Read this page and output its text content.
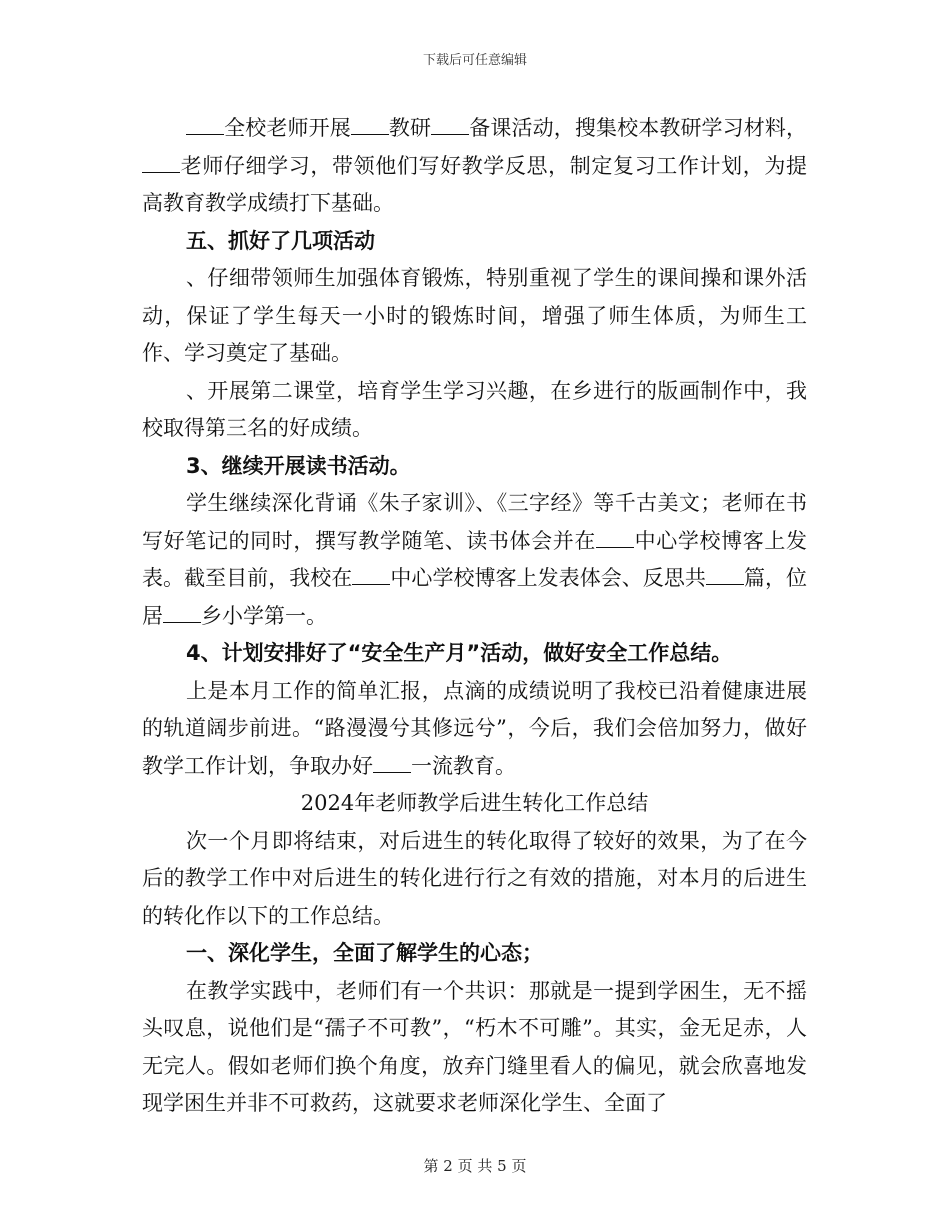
下载后可任意编辑

全校老师开展 教研 备课活动，搜集校本教研学习材料，老师仔细学习，带领他们写好教学反思，制定复习工作计划，为提高教育教学成绩打下基础。

五、抓好了几项活动

、仔细带领师生加强体育锻炼，特别重视了学生的课间操和课外活动，保证了学生每天一小时的锻炼时间，增强了师生体质，为师生工作、学习奠定了基础。

、开展第二课堂，培育学生学习兴趣，在乡进行的版画制作中，我校取得第三名的好成绩。

3、继续开展读书活动。

学生继续深化背诵《朱子家训》、《三字经》等千古美文；老师在书写好笔记的同时，撰写教学随笔、读书体会并在 中心学校博客上发表。截至目前，我校在 中心学校博客上发表体会、反思共 篇，位居 乡小学第一。

4、计划安排好了“安全生产月”活动，做好安全工作总结。

上是本月工作的简单汇报，点滴的成绩说明了我校已沿着健康进展的轨道阔步前进。“路漫漫兮其修远兮”，今后，我们会倍加努力，做好教学工作计划，争取办好 一流教育。

2024年老师教学后进生转化工作总结

次一个月即将结束，对后进生的转化取得了较好的效果，为了在今后的教学工作中对后进生的转化进行行之有效的措施，对本月的后进生的转化作以下的工作总结。

一、深化学生，全面了解学生的心态；

在教学实践中，老师们有一个共识：那就是一提到学困生，无不摇头叹息，说他们是“孺子不可教”，“朽木不可雕”。其实，金无足赤，人无完人。假如老师们换个角度，放弃门缝里看人的偏见，就会欣喜地发现学困生并非不可救药，这就要求老师深化学生、全面了

第 2 页 共 5 页
